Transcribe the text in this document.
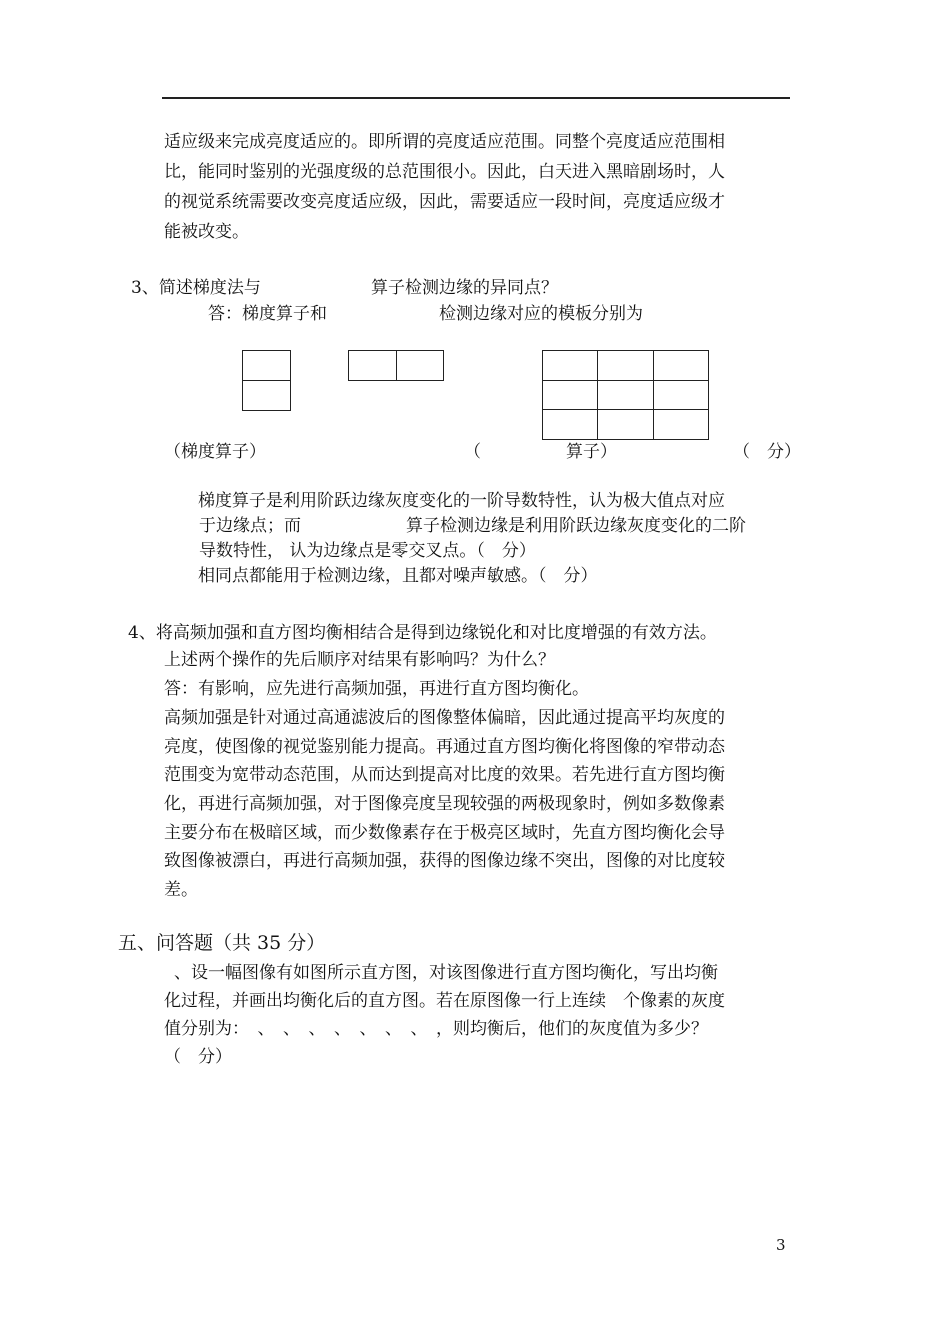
适应级来完成亮度适应的。即所谓的亮度适应范围。同整个亮度适应范围相
比，能同时鉴别的光强度级的总范围很小。因此，白天进入黑暗剧场时，人
的视觉系统需要改变亮度适应级，因此，需要适应一段时间，亮度适应级才
能被改变。
3、简述梯度法与	算子检测边缘的异同点？
答：梯度算子和	检测边缘对应的模板分别为

（梯度算子）	（	算子）	（　分）
梯度算子是利用阶跃边缘灰度变化的一阶导数特性，认为极大值点对应
于边缘点；而	算子检测边缘是利用阶跃边缘灰度变化的二阶
导数特性， 认为边缘点是零交叉点。（　分）
相同点都能用于检测边缘，且都对噪声敏感。（　分）
4、将高频加强和直方图均衡相结合是得到边缘锐化和对比度增强的有效方法。
上述两个操作的先后顺序对结果有影响吗？为什么？
答：有影响，应先进行高频加强，再进行直方图均衡化。
高频加强是针对通过高通滤波后的图像整体偏暗，因此通过提高平均灰度的
亮度，使图像的视觉鉴别能力提高。再通过直方图均衡化将图像的窄带动态
范围变为宽带动态范围，从而达到提高对比度的效果。若先进行直方图均衡
化，再进行高频加强，对于图像亮度呈现较强的两极现象时，例如多数像素
主要分布在极暗区域，而少数像素存在于极亮区域时，先直方图均衡化会导
致图像被漂白，再进行高频加强，获得的图像边缘不突出，图像的对比度较
差。
五、问答题（共 35 分）
、设一幅图像有如图所示直方图，对该图像进行直方图均衡化，写出均衡
化过程，并画出均衡化后的直方图。若在原图像一行上连续　个像素的灰度
值分别为：　、　、　、　、　、　、　、　，则均衡后，他们的灰度值为多少？
（　分）
3
